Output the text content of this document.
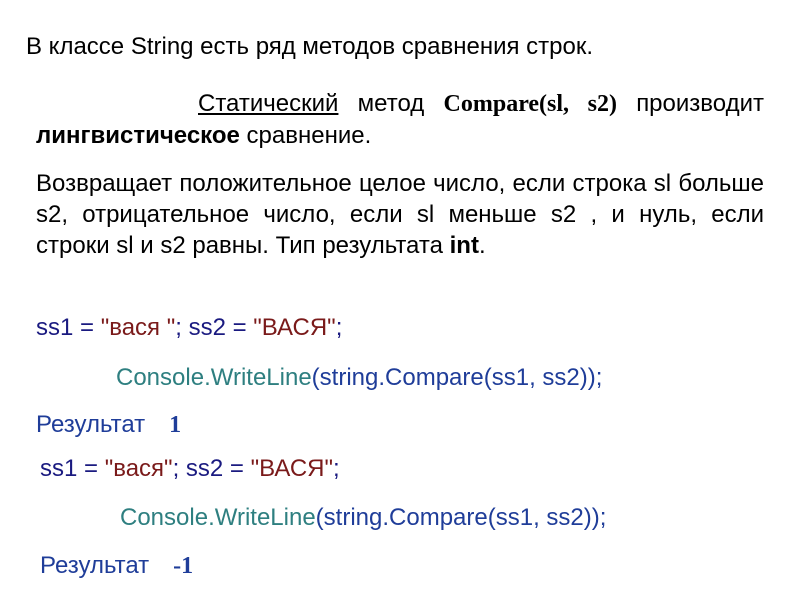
В классе String есть ряд методов сравнения строк.
Статический метод Compare(sl, s2) производит
лингвистическое сравнение.
Возвращает положительное целое число, если строка sl больше
s2, отрицательное число, если sl меньше s2 , и нуль, если
строки sl и s2 равны. Тип результата int.
ss1 = "вася "; ss2 = "ВАСЯ";
Console.WriteLine(string.Compare(ss1, ss2));
Результат 1
ss1 = "вася"; ss2 = "ВАСЯ";
Console.WriteLine(string.Compare(ss1, ss2));
Результат -1
